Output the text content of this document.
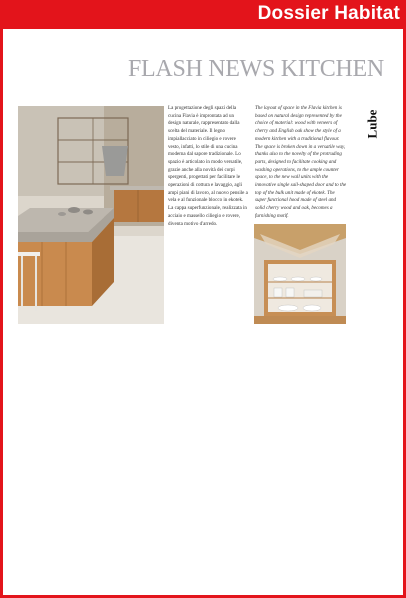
Dossier Habitat
FLASH NEWS KITCHEN
La progettazione degli spazi della cucina Flavia è improntata ad un design naturale, rappresentato dalla scelta del materiale. Il legno impiallacciato in ciliegio e rovere vesto, infatti, lo stile di una cucina moderna dal sapore tradizionale. Lo spazio è articolato in modo versatile, grazie anche alla novità dei corpi spergenti, progettati per facilitare le operazioni di cottura e lavaggio, agli ampi piani di lavoro, al nuovo pensile a vela e al funzionale blocco in ekotek. La cappa superfunzionale, realizzata in acciaio e massello ciliegio e rovere, diventa motivo d'arredo.
The layout of space in the Flavia kitchen is based on natural design represented by the choice of material: wood with veneers of cherry and English oak show the style of a modern kitchen with a traditional flavour. The space is broken down in a versatile way, thanks also to the novelty of the protruding parts, designed to facilitate cooking and washing operations, to the ample counter space, to the new wall units with the innovative single sail-shaped door and to the top of the bulk unit made of ekotek. The super functional hood made of steel and solid cherry wood and oak, becomes a furnishing motif.
Lube
